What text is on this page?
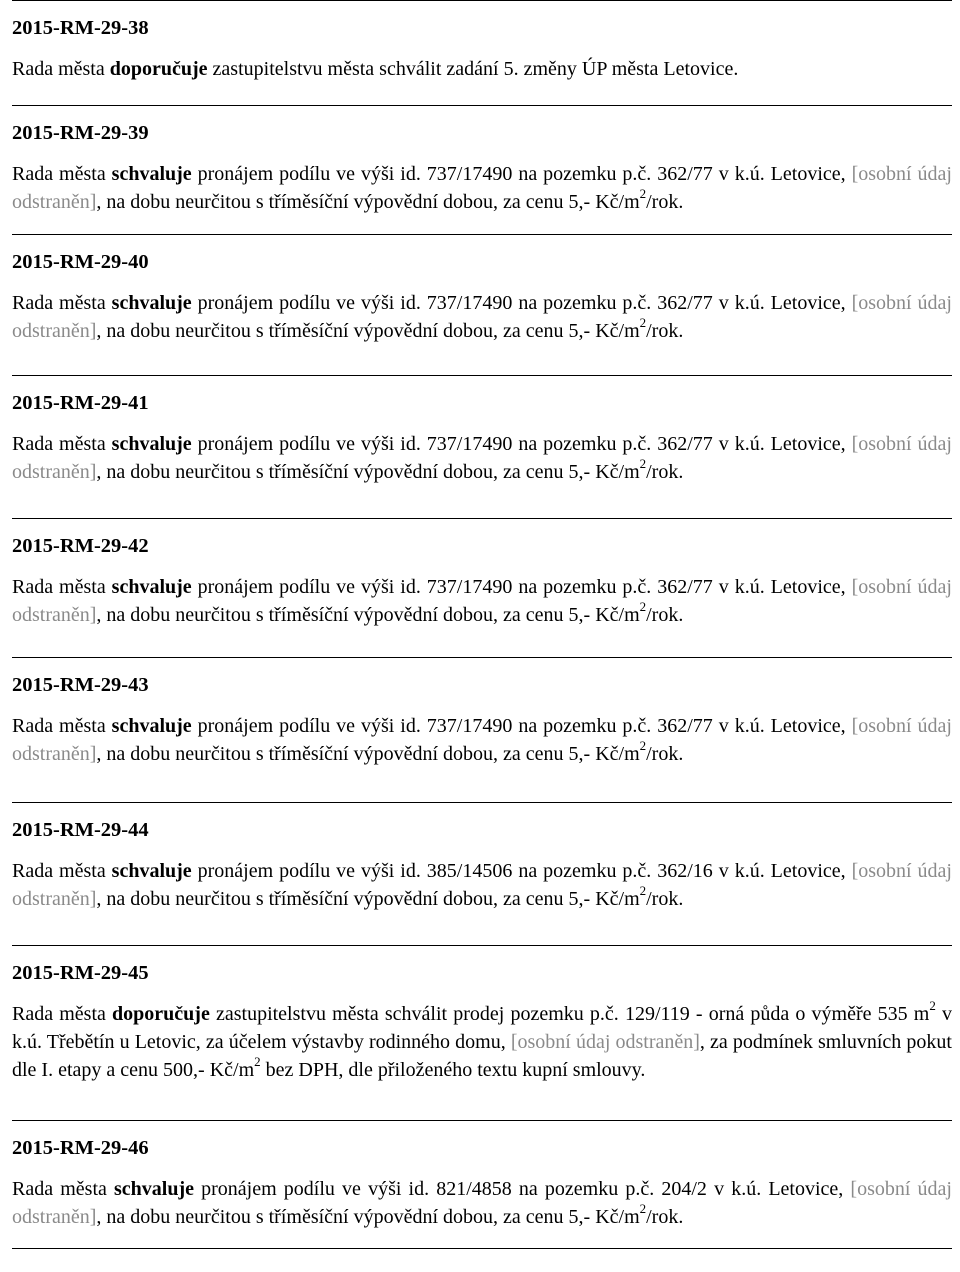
2015-RM-29-38

Rada města doporučuje zastupitelstvu města schválit zadání 5. změny ÚP města Letovice.

2015-RM-29-39

Rada města schvaluje pronájem podílu ve výši id. 737/17490 na pozemku p.č. 362/77 v k.ú. Letovice, [osobní údaj odstraněn], na dobu neurčitou s tříměsíční výpovědní dobou, za cenu 5,- $Kč/m^2$/rok.

2015-RM-29-40

Rada města schvaluje pronájem podílu ve výši id. 737/17490 na pozemku p.č. 362/77 v k.ú. Letovice, [osobní údaj odstraněn], na dobu neurčitou s tříměsíční výpovědní dobou, za cenu 5,- $Kč/m^2$/rok.

2015-RM-29-41

Rada města schvaluje pronájem podílu ve výši id. 737/17490 na pozemku p.č. 362/77 v k.ú. Letovice, [osobní údaj odstraněn], na dobu neurčitou s tříměsíční výpovědní dobou, za cenu 5,- $Kč/m^2$/rok.

2015-RM-29-42

Rada města schvaluje pronájem podílu ve výši id. 737/17490 na pozemku p.č. 362/77 v k.ú. Letovice, [osobní údaj odstraněn], na dobu neurčitou s tříměsíční výpovědní dobou, za cenu 5,- $Kč/m^2$/rok.

2015-RM-29-43

Rada města schvaluje pronájem podílu ve výši id. 737/17490 na pozemku p.č. 362/77 v k.ú. Letovice, [osobní údaj odstraněn], na dobu neurčitou s tříměsíční výpovědní dobou, za cenu 5,- $Kč/m^2$/rok.

2015-RM-29-44

Rada města schvaluje pronájem podílu ve výši id. 385/14506 na pozemku p.č. 362/16 v k.ú. Letovice, [osobní údaj odstraněn], na dobu neurčitou s tříměsíční výpovědní dobou, za cenu 5,- $Kč/m^2$/rok.

2015-RM-29-45

Rada města doporučuje zastupitelstvu města schválit prodej pozemku p.č. 129/119 - orná půda o výměře 535 $m^2$ v k.ú. Třebětín u Letovic, za účelem výstavby rodinného domu, [osobní údaj odstraněn], za podmínek smluvních pokut dle I. etapy a cenu 500,- $Kč/m^2$ bez DPH, dle přiloženého textu kupní smlouvy.

2015-RM-29-46

Rada města schvaluje pronájem podílu ve výši id. 821/4858 na pozemku p.č. 204/2 v k.ú. Letovice, [osobní údaj odstraněn], na dobu neurčitou s tříměsíční výpovědní dobou, za cenu 5,- $Kč/m^2$/rok.
